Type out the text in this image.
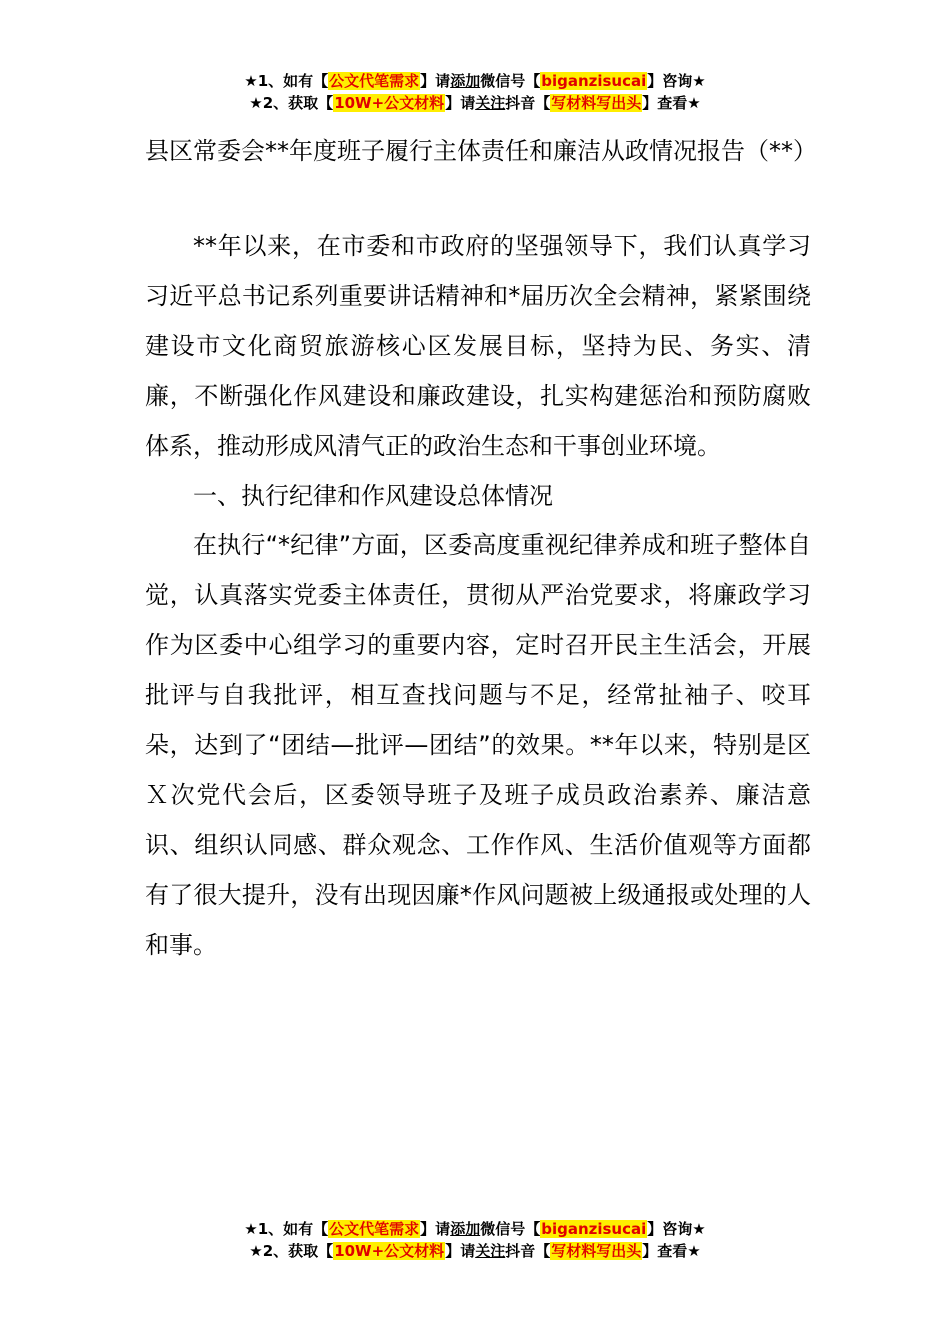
★1、如有【公文代笔需求】请添加微信号【biganzisucai】咨询★
★2、获取【10W+公文材料】请关注抖音【写材料写出头】查看★
县区常委会**年度班子履行主体责任和廉洁从政情况报告（**）

**年以来，在市委和市政府的坚强领导下，我们认真学习习近平总书记系列重要讲话精神和*届历次全会精神，紧紧围绕建设市文化商贸旅游核心区发展目标，坚持为民、务实、清廉，不断强化作风建设和廉政建设，扎实构建惩治和预防腐败体系，推动形成风清气正的政治生态和干事创业环境。

一、执行纪律和作风建设总体情况

在执行“*纪律”方面，区委高度重视纪律养成和班子整体自觉，认真落实党委主体责任，贯彻从严治党要求，将廉政学习作为区委中心组学习的重要内容，定时召开民主生活会，开展批评与自我批评，相互查找问题与不足，经常扯袖子、咬耳朵，达到了“团结—批评—团结”的效果。**年以来，特别是区Ｘ次党代会后，区委领导班子及班子成员政治素养、廉洁意识、组织认同感、群众观念、工作作风、生活价值观等方面都有了很大提升，没有出现因廉*作风问题被上级通报或处理的人和事。

★1、如有【公文代笔需求】请添加微信号【biganzisucai】咨询★
★2、获取【10W+公文材料】请关注抖音【写材料写出头】查看★
